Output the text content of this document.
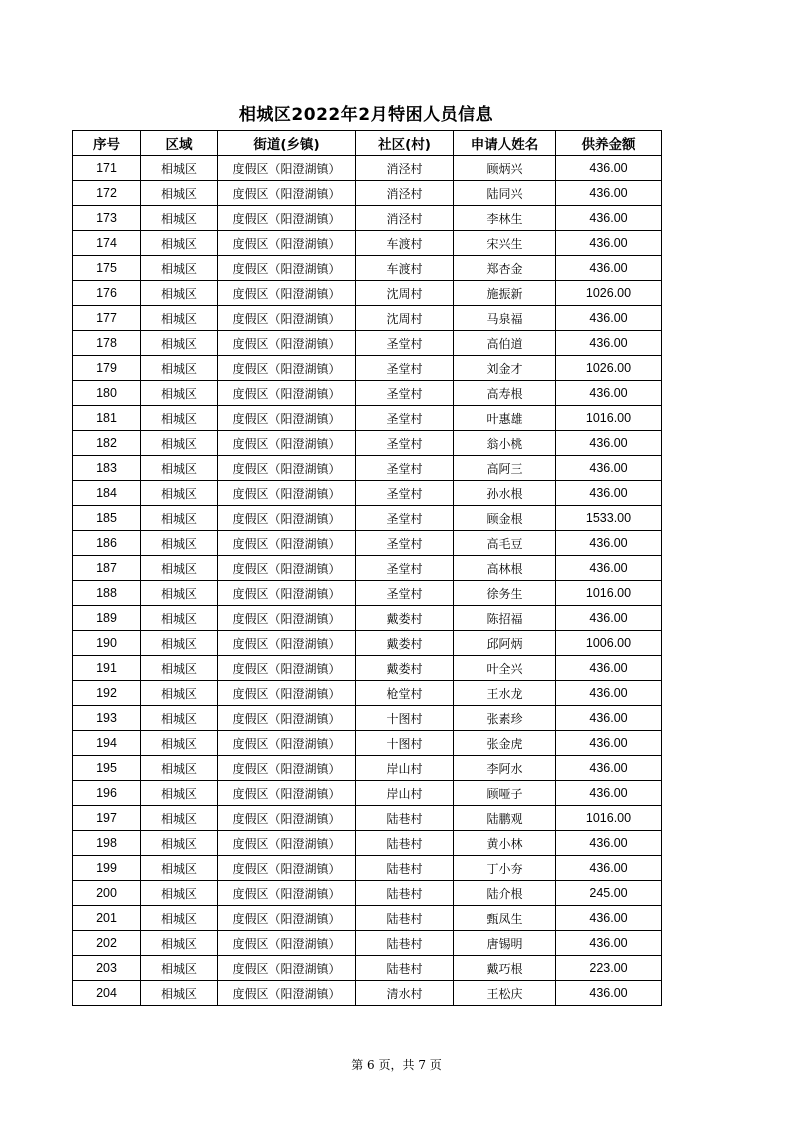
相城区2022年2月特困人员信息
序号	区域	街道(乡镇)	社区(村)	申请人姓名	供养金额
171	相城区	度假区（阳澄湖镇）	消泾村	顾炳兴	436.00
172	相城区	度假区（阳澄湖镇）	消泾村	陆同兴	436.00
173	相城区	度假区（阳澄湖镇）	消泾村	李林生	436.00
174	相城区	度假区（阳澄湖镇）	车渡村	宋兴生	436.00
175	相城区	度假区（阳澄湖镇）	车渡村	郑杏金	436.00
176	相城区	度假区（阳澄湖镇）	沈周村	施振新	1026.00
177	相城区	度假区（阳澄湖镇）	沈周村	马泉福	436.00
178	相城区	度假区（阳澄湖镇）	圣堂村	高伯道	436.00
179	相城区	度假区（阳澄湖镇）	圣堂村	刘金才	1026.00
180	相城区	度假区（阳澄湖镇）	圣堂村	高寿根	436.00
181	相城区	度假区（阳澄湖镇）	圣堂村	叶惠雄	1016.00
182	相城区	度假区（阳澄湖镇）	圣堂村	翁小桃	436.00
183	相城区	度假区（阳澄湖镇）	圣堂村	高阿三	436.00
184	相城区	度假区（阳澄湖镇）	圣堂村	孙水根	436.00
185	相城区	度假区（阳澄湖镇）	圣堂村	顾金根	1533.00
186	相城区	度假区（阳澄湖镇）	圣堂村	高毛豆	436.00
187	相城区	度假区（阳澄湖镇）	圣堂村	高林根	436.00
188	相城区	度假区（阳澄湖镇）	圣堂村	徐务生	1016.00
189	相城区	度假区（阳澄湖镇）	戴娄村	陈招福	436.00
190	相城区	度假区（阳澄湖镇）	戴娄村	邱阿炳	1006.00
191	相城区	度假区（阳澄湖镇）	戴娄村	叶全兴	436.00
192	相城区	度假区（阳澄湖镇）	枪堂村	王水龙	436.00
193	相城区	度假区（阳澄湖镇）	十图村	张素珍	436.00
194	相城区	度假区（阳澄湖镇）	十图村	张金虎	436.00
195	相城区	度假区（阳澄湖镇）	岸山村	李阿水	436.00
196	相城区	度假区（阳澄湖镇）	岸山村	顾哑子	436.00
197	相城区	度假区（阳澄湖镇）	陆巷村	陆鹏观	1016.00
198	相城区	度假区（阳澄湖镇）	陆巷村	黄小林	436.00
199	相城区	度假区（阳澄湖镇）	陆巷村	丁小夯	436.00
200	相城区	度假区（阳澄湖镇）	陆巷村	陆介根	245.00
201	相城区	度假区（阳澄湖镇）	陆巷村	甄凤生	436.00
202	相城区	度假区（阳澄湖镇）	陆巷村	唐锡明	436.00
203	相城区	度假区（阳澄湖镇）	陆巷村	戴巧根	223.00
204	相城区	度假区（阳澄湖镇）	清水村	王松庆	436.00
第 6 页，共 7 页
